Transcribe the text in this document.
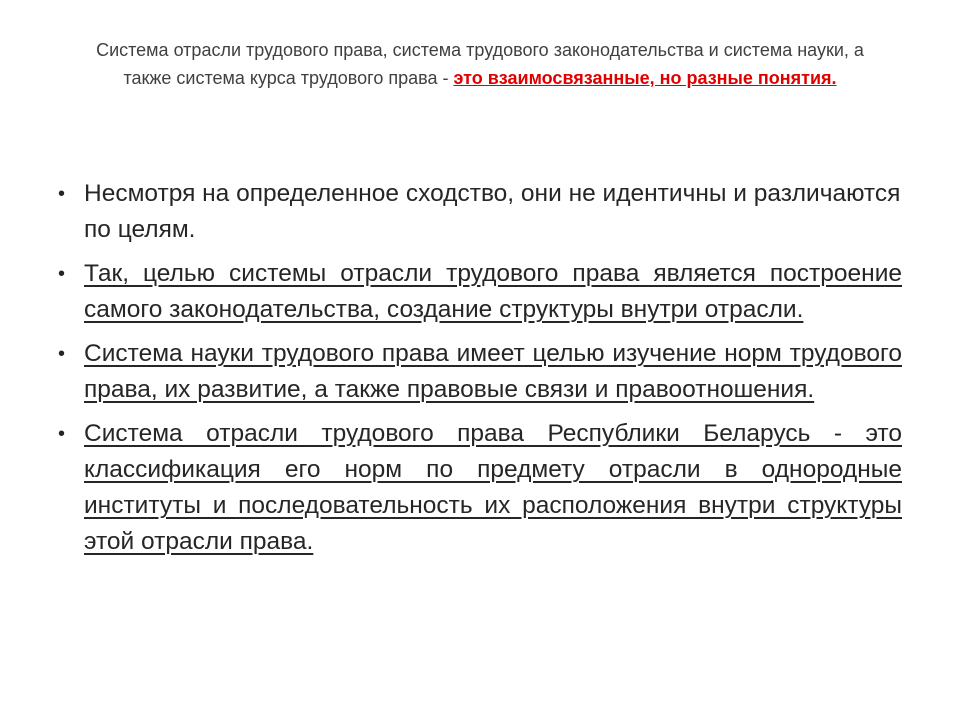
Система отрасли трудового права, система трудового законодательства и система науки, а также система курса трудового права - это взаимосвязанные, но разные понятия.

• Несмотря на определенное сходство, они не идентичны и различаются по целям.
• Так, целью системы отрасли трудового права является построение самого законодательства, создание структуры внутри отрасли.
• Система науки трудового права имеет целью изучение норм трудового права, их развитие, а также правовые связи и правоотношения.
• Система отрасли трудового права Республики Беларусь - это классификация его норм по предмету отрасли в однородные институты и последовательность их расположения внутри структуры этой отрасли права.
